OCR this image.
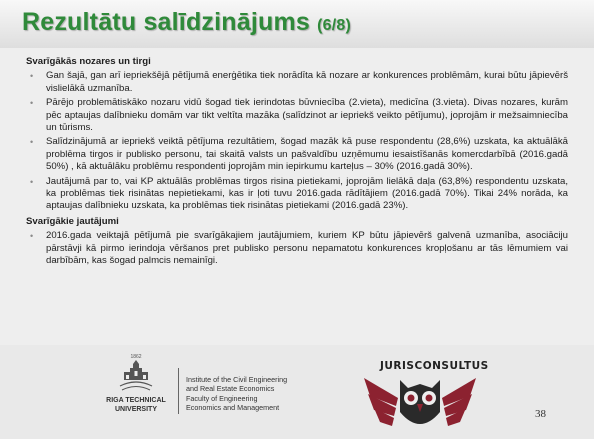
Rezultātu salīdzinājums (6/8)
Svarīgākās nozares un tirgi
• Gan šajā, gan arī iepriekšējā pētījumā enerģētika tiek norādīta kā nozare ar konkurences problēmām, kurai būtu jāpievērš vislielākā uzmanība.
• Pārējo problemātiskāko nozaru vidū šogad tiek ierindotas būvniecība (2.vieta), medicīna (3.vieta). Divas nozares, kurām pēc aptaujas dalībnieku domām var tikt veltīta mazāka (salīdzinot ar iepriekš veikto pētījumu), joprojām ir mežsaimniecība un tūrisms.
• Salīdzinājumā ar iepriekš veiktā pētījuma rezultātiem, šogad mazāk kā puse respondentu (28,6%) uzskata, ka aktuālākā problēma tirgos ir publisko personu, tai skaitā valsts un pašvaldību uzņēmumu iesaistīšanās komercdarbībā (2016.gadā 50%) , kā aktuālāku problēmu respondenti joprojām min iepirkumu karteļus – 30% (2016.gadā 30%).
• Jautājumā par to, vai KP aktuālās problēmas tirgos risina pietiekami, joprojām lielākā daļa (63,8%) respondentu uzskata, ka problēmas tiek risinātas nepietiekami, kas ir ļoti tuvu 2016.gada rādītājiem (2016.gadā 70%). Tikai 24% norāda, ka aptaujas dalībnieku uzskata, ka problēmas tiek risinātas pietiekami (2016.gadā 23%).
Svarīgākie jautājumi
• 2016.gada veiktajā pētījumā pie svarīgākajiem jautājumiem, kuriem KP būtu jāpievērš galvenā uzmanība, asociāciju pārstāvji kā pirmo ierindoja vēršanos pret publisko personu nepamatotu konkurences kropļošanu ar tās lēmumiem vai darbībām, kas šogad palmcis nemainīgi.
1862
RIGA TECHNICAL
UNIVERSITY
Institute of the Civil Engineering
and Real Estate Economics
Faculty of Engineering
Economics and Management
JURISCONSULTUS
38
